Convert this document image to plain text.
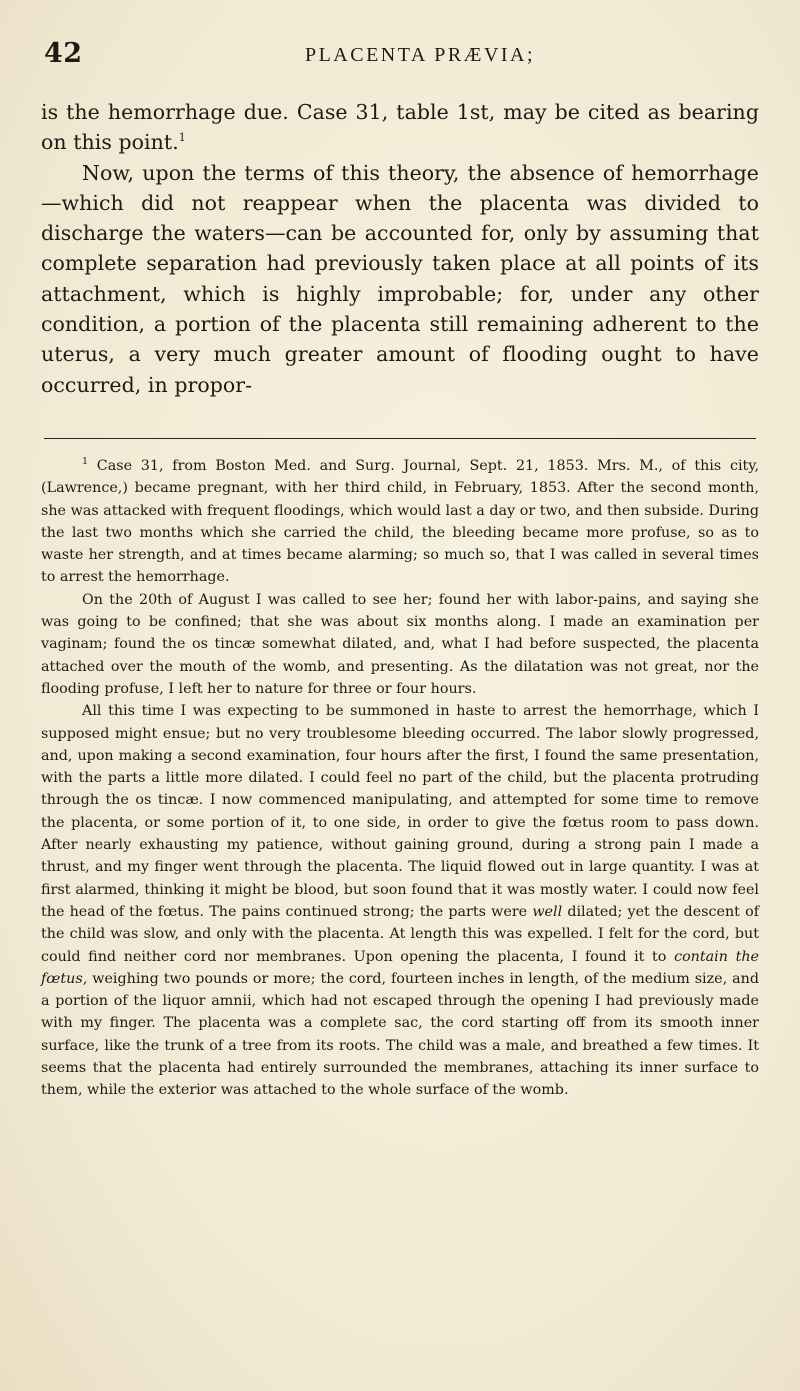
42	PLACENTA PRÆVIA;

is the hemorrhage due. Case 31, table 1st, may be cited as bearing on this point.$^1$

Now, upon the terms of this theory, the absence of hemorrhage—which did not reappear when the placenta was divided to discharge the waters—can be accounted for, only by assuming that complete separation had previously taken place at all points of its attachment, which is highly improbable; for, under any other condition, a portion of the placenta still remaining adherent to the uterus, a very much greater amount of flooding ought to have occurred, in propor-

$^1$ Case 31, from Boston Med. and Surg. Journal, Sept. 21, 1853. Mrs. M., of this city, (Lawrence,) became pregnant, with her third child, in February, 1853. After the second month, she was attacked with frequent floodings, which would last a day or two, and then subside. During the last two months which she carried the child, the bleeding became more profuse, so as to waste her strength, and at times became alarming; so much so, that I was called in several times to arrest the hemorrhage.

On the 20th of August I was called to see her; found her with labor-pains, and saying she was going to be confined; that she was about six months along. I made an examination per vaginam; found the os tincæ somewhat dilated, and, what I had before suspected, the placenta attached over the mouth of the womb, and presenting. As the dilatation was not great, nor the flooding profuse, I left her to nature for three or four hours.

All this time I was expecting to be summoned in haste to arrest the hemorrhage, which I supposed might ensue; but no very troublesome bleeding occurred. The labor slowly progressed, and, upon making a second examination, four hours after the first, I found the same presentation, with the parts a little more dilated. I could feel no part of the child, but the placenta protruding through the os tincæ. I now commenced manipulating, and attempted for some time to remove the placenta, or some portion of it, to one side, in order to give the fœtus room to pass down. After nearly exhausting my patience, without gaining ground, during a strong pain I made a thrust, and my finger went through the placenta. The liquid flowed out in large quantity. I was at first alarmed, thinking it might be blood, but soon found that it was mostly water. I could now feel the head of the fœtus. The pains continued strong; the parts were well dilated; yet the descent of the child was slow, and only with the placenta. At length this was expelled. I felt for the cord, but could find neither cord nor membranes. Upon opening the placenta, I found it to contain the fœtus, weighing two pounds or more; the cord, fourteen inches in length, of the medium size, and a portion of the liquor amnii, which had not escaped through the opening I had previously made with my finger. The placenta was a complete sac, the cord starting off from its smooth inner surface, like the trunk of a tree from its roots. The child was a male, and breathed a few times. It seems that the placenta had entirely surrounded the membranes, attaching its inner surface to them, while the exterior was attached to the whole surface of the womb.
